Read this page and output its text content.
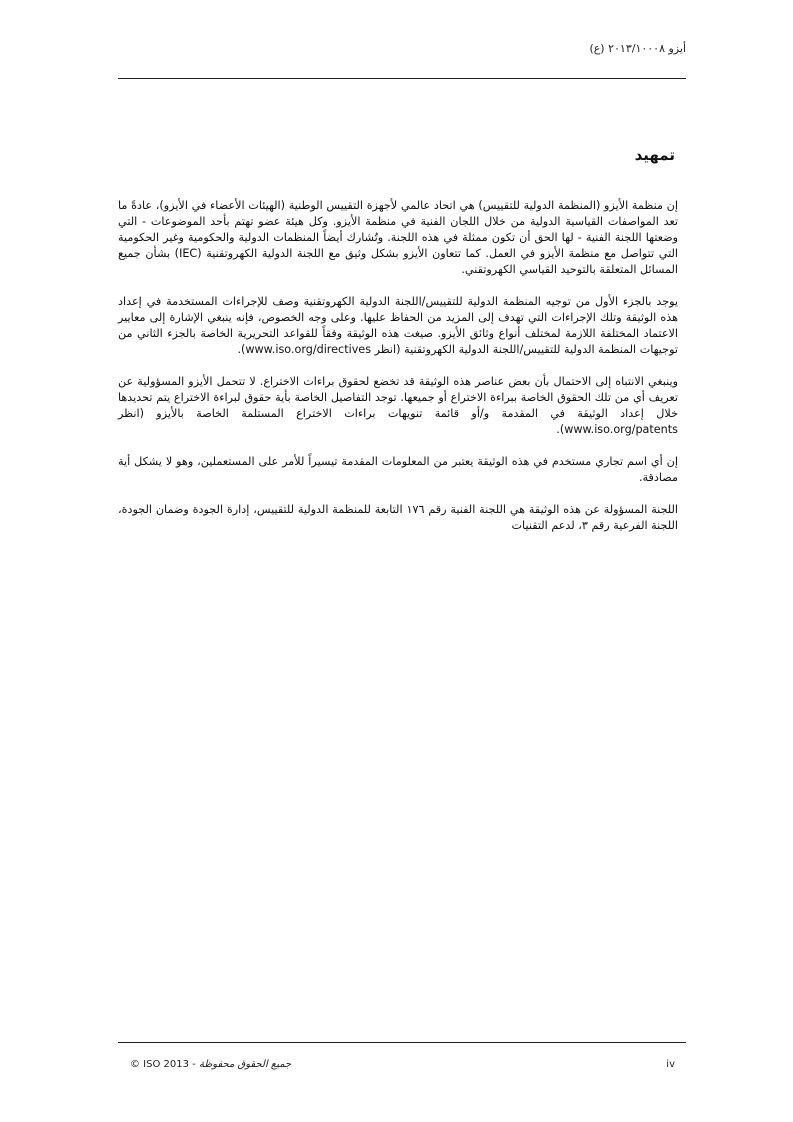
أيزو ٢٠١٣/١٠٠٠٨ (ع)
تمهيد

إن منظمة الأيزو (المنظمة الدولية للتقييس) هي اتحاد عالمي لأجهزة التقييس الوطنية (الهيئات الأعضاء في الأيزو)، عادةً ما تعد المواصفات القياسية الدولية من خلال اللجان الفنية في منظمة الأيزو. وكل هيئة عضو تهتم بأحد الموضوعات - التي وضعتها اللجنة الفنية - لها الحق أن تكون ممثلة في هذه اللجنة. وتُشارك أيضاً المنظمات الدولية والحكومية وغير الحكومية التي تتواصل مع منظمة الأيزو في العمل. كما تتعاون الأيزو بشكل وثيق مع اللجنة الدولية الكهروتقنية (IEC) بشأن جميع المسائل المتعلقة بالتوحيد القياسي الكهروتقني.

يوجد بالجزء الأول من توجيه المنظمة الدولية للتقييس/اللجنة الدولية الكهروتقنية وصف للإجراءات المستخدمة في إعداد هذه الوثيقة وتلك الإجراءات التي تهدف إلى المزيد من الحفاظ عليها. وعلى وجه الخصوص، فإنه ينبغي الإشارة إلى معايير الاعتماد المختلفة اللازمة لمختلف أنواع وثائق الأيزو. صيغت هذه الوثيقة وفقاً للقواعد التحريرية الخاصة بالجزء الثاني من توجيهات المنظمة الدولية للتقييس/اللجنة الدولية الكهروتقنية (انظر www.iso.org/directives).

وينبغي الانتباه إلى الاحتمال بأن بعض عناصر هذه الوثيقة قد تخضع لحقوق براءات الاختراع. لا تتحمل الأيزو المسؤولية عن تعريف أي من تلك الحقوق الخاصة ببراءة الاختراع أو جميعها. توجد التفاصيل الخاصة بأية حقوق لبراءة الاختراع يتم تحديدها خلال إعداد الوثيقة في المقدمة و/أو قائمة تنويهات براءات الاختراع المستلمة الخاصة بالأيزو (انظر www.iso.org/patents).

إن أي اسم تجاري مستخدم في هذه الوثيقة يعتبر من المعلومات المقدمة تيسيراً للأمر على المستعملين، وهو لا يشكل أية مصادقة.

اللجنة المسؤولة عن هذه الوثيقة هي اللجنة الفنية رقم ١٧٦ التابعة للمنظمة الدولية للتقييس، إدارة الجودة وضمان الجودة، اللجنة الفرعية رقم ٣، لدعم التقنيات

© ISO 2013 - جميع الحقوق محفوظة	iv
